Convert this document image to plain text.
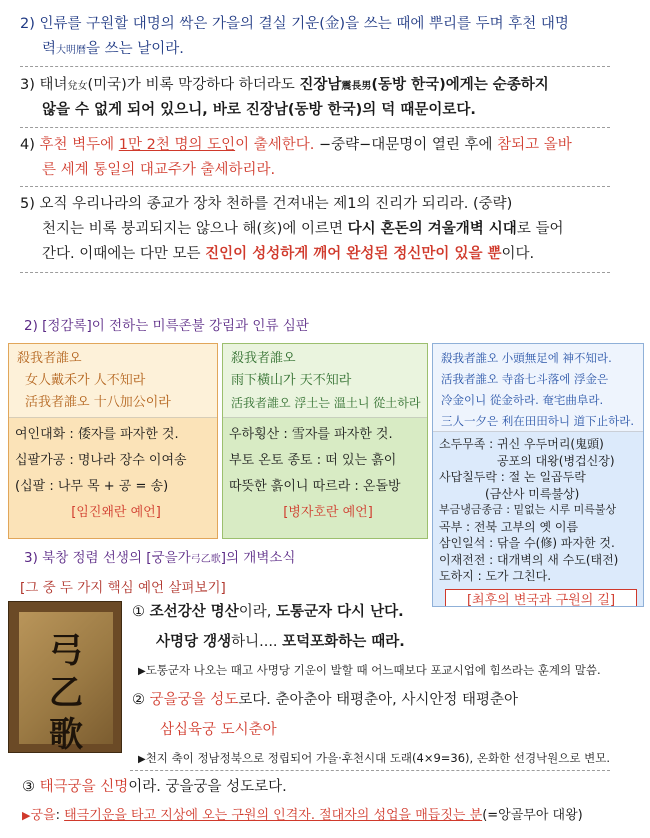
2) 인류를 구원할 대명의 싹은 가을의 결실 기운(金)을 쓰는 때에 뿌리를 두며 후천 대명
력大明曆을 쓰는 날이라.
3) 태녀兌女(미국)가 비록 막강하다 하더라도 진장남震長男(동방 한국)에게는 순종하지
않을 수 없게 되어 있으니, 바로 진장남(동방 한국)의 덕 때문이로다.
4) 후천 벽두에 1만 2천 명의 도인이 출세한다. −중략−대문명이 열린 후에 참되고 올바
른 세계 통일의 대교주가 출세하리라.
5) 오직 우리나라의 종교가 장차 천하를 건져내는 제1의 진리가 되리라. (중략)
천지는 비록 붕괴되지는 않으나 해(亥)에 이르면 다시 혼돈의 겨울개벽 시대로 들어
간다. 이때에는 다만 모든 진인이 성성하게 깨어 완성된 정신만이 있을 뿐이다.
2) [정감록]이 전하는 미륵존불 강림과 인류 심판
殺我者誰오
女人戴禾가 人不知라
活我者誰오 十八加公이라
여인대화 : 倭자를 파자한 것.
십팔가공 : 명나라 장수 이여송
(십팔 : 나무 목 + 공 = 송)
[임진왜란 예언]
殺我者誰오
雨下橫山가 天不知라
活我者誰오 浮土는 溫土니 從土하라
우하횡산 : 雪자를 파자한 것.
부토 온토 종토 : 떠 있는 흙이
따뜻한 흙이니 따르라 : 온돌방
[병자호란 예언]
殺我者誰오 小頭無足에 神不知라.
活我者誰오 寺畓七斗落에 浮金은
冷金이니 從金하라. 奄宅曲阜라.
三人一夕은 利在田田하니 道下止하라.
소두무족 : 귀신 우두머리(鬼頭)
공포의 대왕(병겁신장)
사답칠두락 : 절 논 일곱두락
(금산사 미륵불상)
부금냉금종금 : 밑없는 시루 미륵불상
곡부 : 전북 고부의 옛 이름
삼인일석 : 닦을 수(修) 파자한 것.
이재전전 : 대개벽의 새 수도(태전)
도하지 : 도가 그친다.
[최후의 변국과 구원의 길]
3) 북창 정렴 선생의 [궁을가弓乙歌]의 개벽소식
[그 중 두 가지 핵심 예언 살펴보기]
弓乙歌
① 조선강산 명산이라, 도통군자 다시 난다.
사명당 갱생하니.... 포덕포화하는 때라.
▶도통군자 나오는 때고 사명당 기운이 발할 때 어느때보다 포교시업에 힘쓰라는 훈계의 말씀.
② 궁을궁을 성도로다. 춘아춘아 태평춘아, 사시안정 태평춘아
삼십육궁 도시춘아
▶천지 축이 정남정북으로 정립되어 가을·후천시대 도래(4×9=36), 온화한 선경낙원으로 변모.
③ 태극궁을 신명이라. 궁을궁을 성도로다.
▶궁을: 태극기운을 타고 지상에 오는 구원의 인격자. 절대자의 성업을 매듭짓는 분(=앙골무아 대왕)
